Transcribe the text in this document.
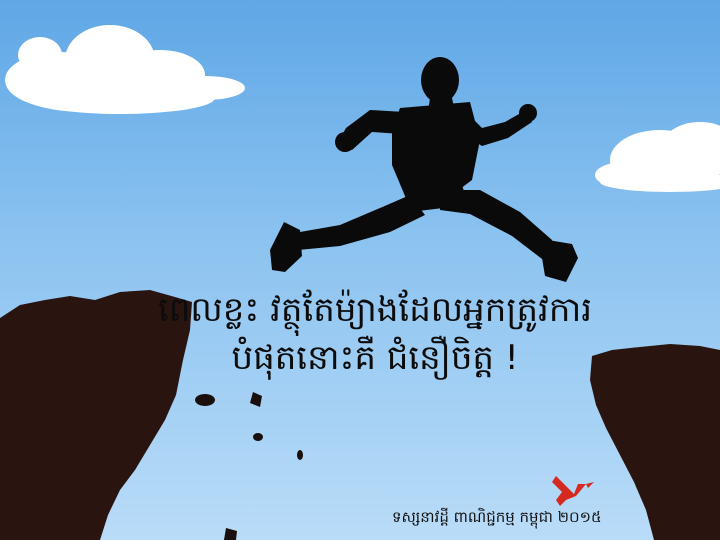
ពេលខ្លះ វត្ថុតែម៉្យាងដែលអ្នកត្រូវការ
បំផុតនោះគឺ ជំនឿចិត្ត !
ទស្សនាវដ្តី ពាណិជ្ជកម្ម កម្ពុជា ២០១៥
